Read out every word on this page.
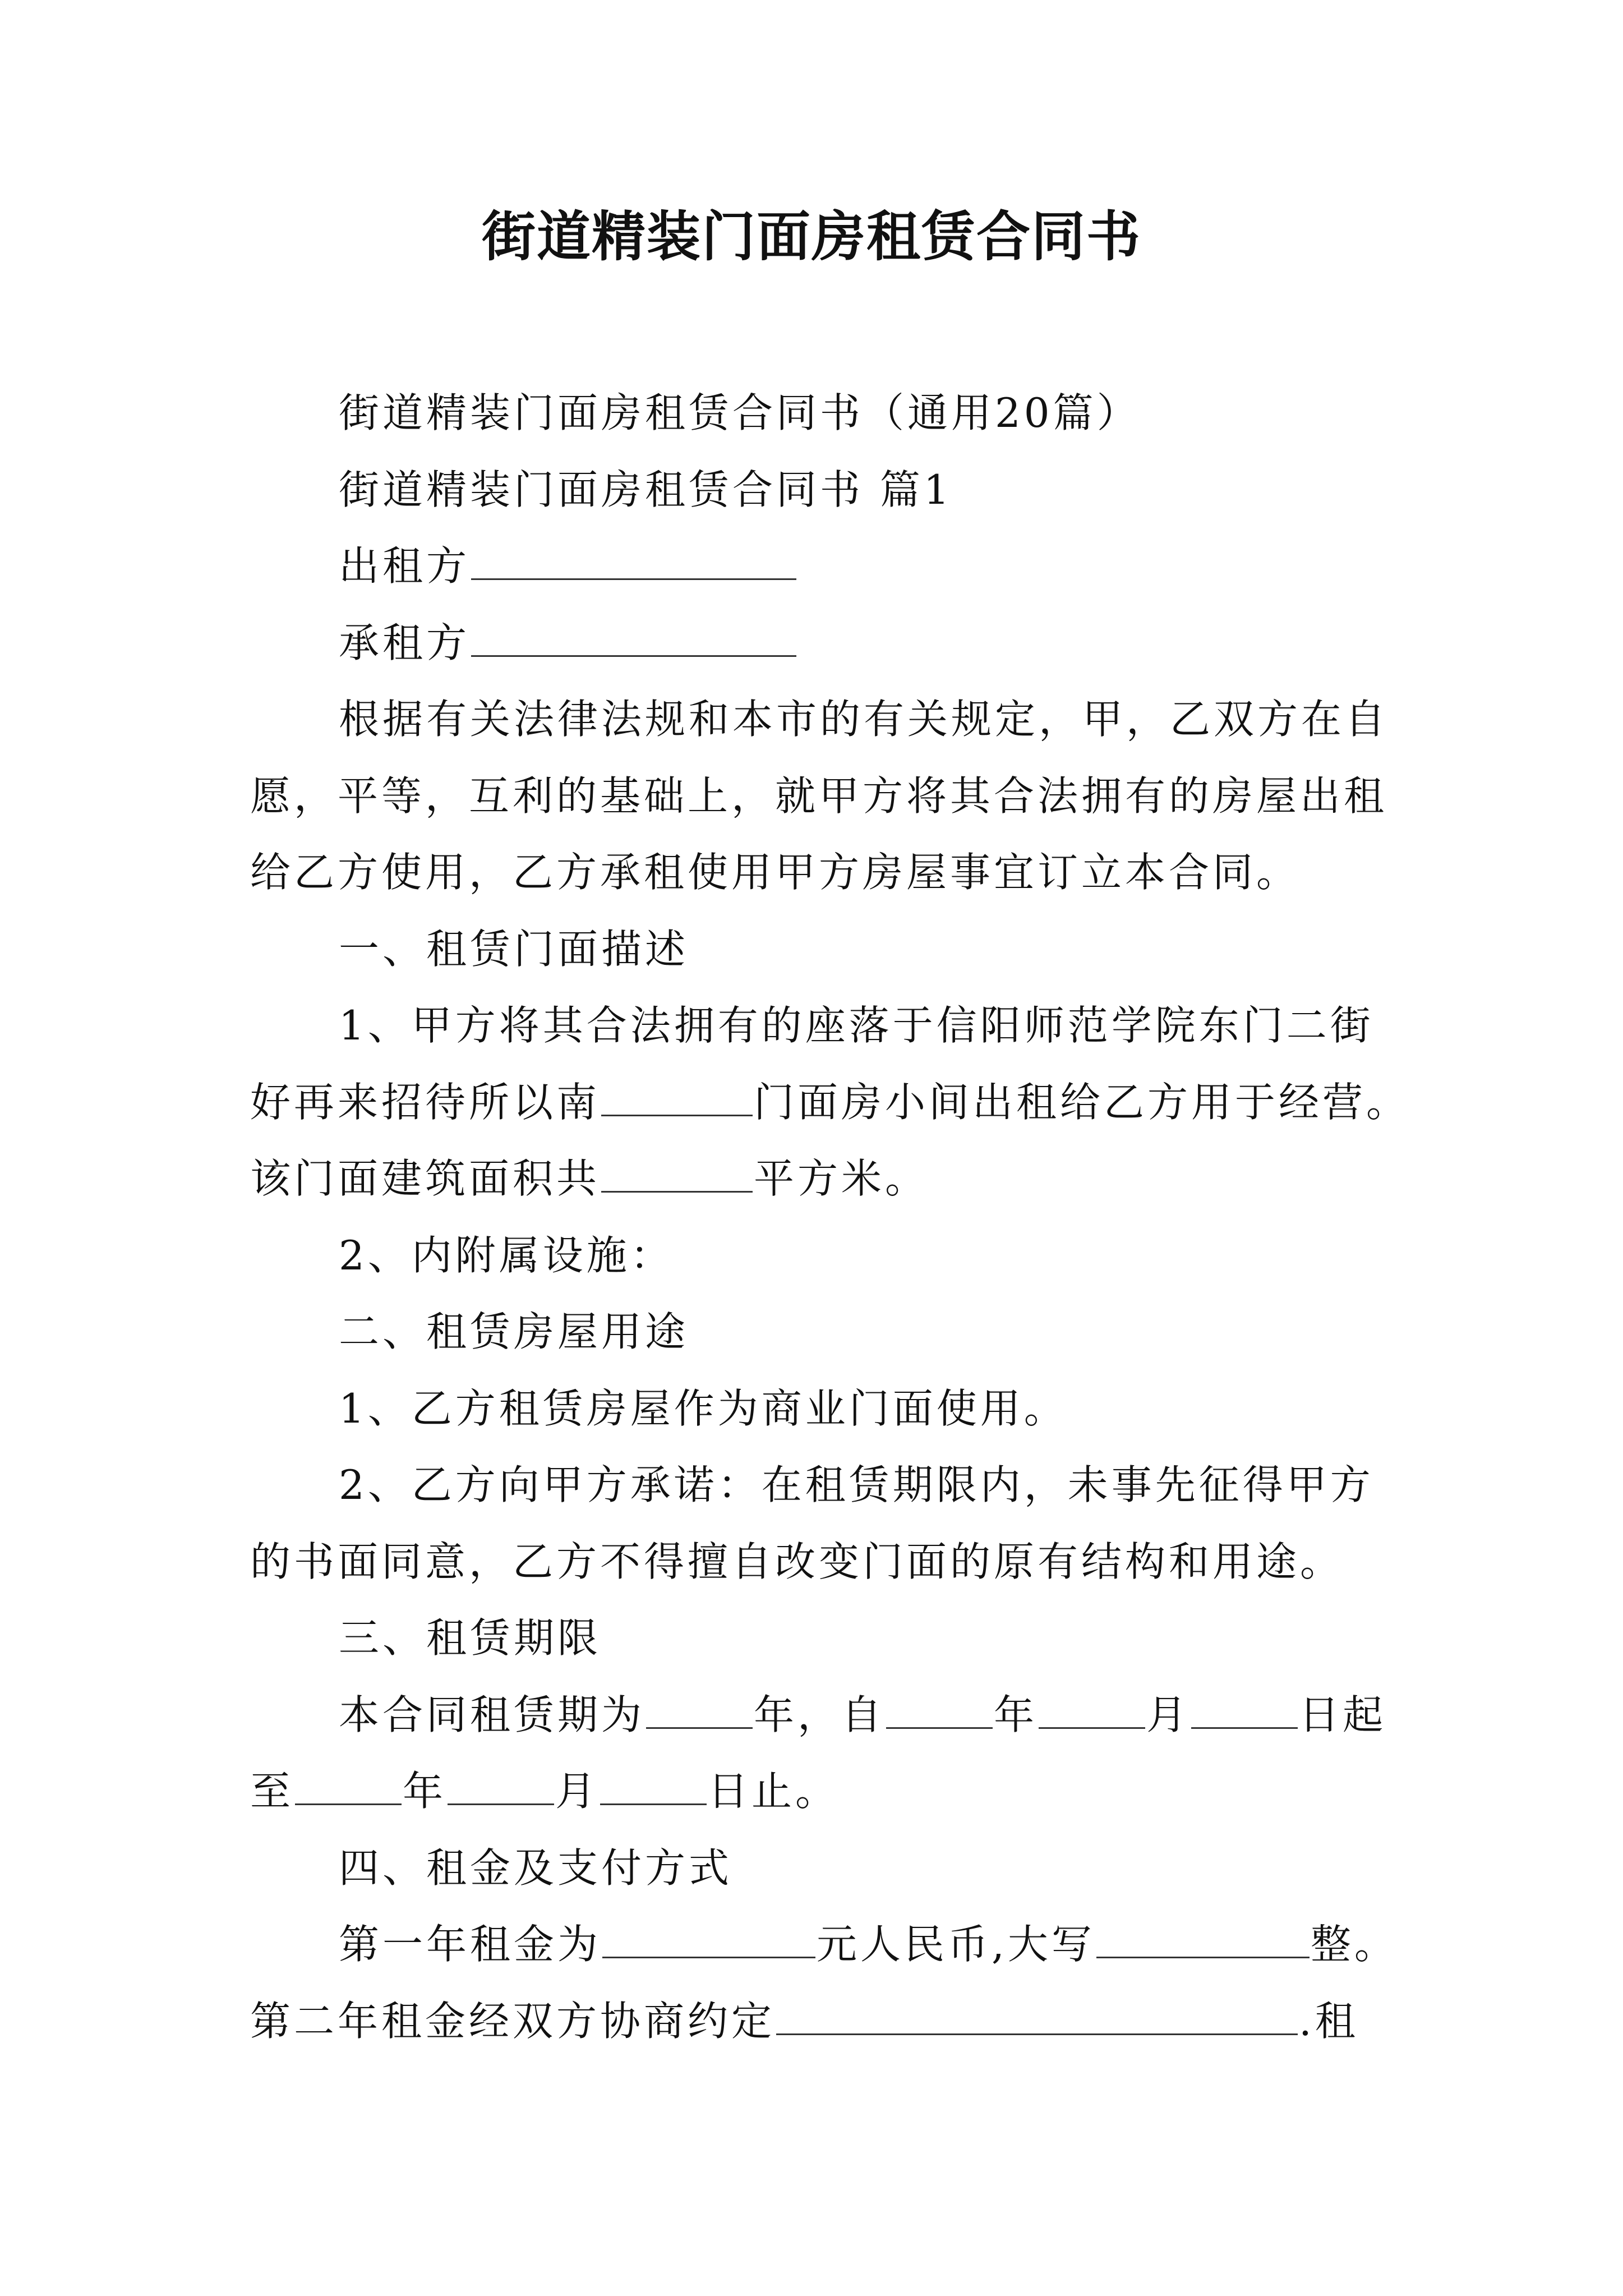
街道精装门面房租赁合同书

街道精装门面房租赁合同书（通用20篇）

街道精装门面房租赁合同书 篇1

出租方

承租方

根据有关法律法规和本市的有关规定，甲，乙双方在自

愿，平等，互利的基础上，就甲方将其合法拥有的房屋出租

给乙方使用，乙方承租使用甲方房屋事宜订立本合同。

一、租赁门面描述

1、甲方将其合法拥有的座落于信阳师范学院东门二街

好再来招待所以南	门面房小间出租给乙方用于经营。

该门面建筑面积共	平方米。

2、内附属设施：

二、租赁房屋用途

1、乙方租赁房屋作为商业门面使用。

2、乙方向甲方承诺：在租赁期限内，未事先征得甲方

的书面同意，乙方不得擅自改变门面的原有结构和用途。

三、租赁期限

本合同租赁期为	年，自	年	月	日起

至	年	月	日止。

四、租金及支付方式

第一年租金为	元人民币,大写	整。

第二年租金经双方协商约定	.租
